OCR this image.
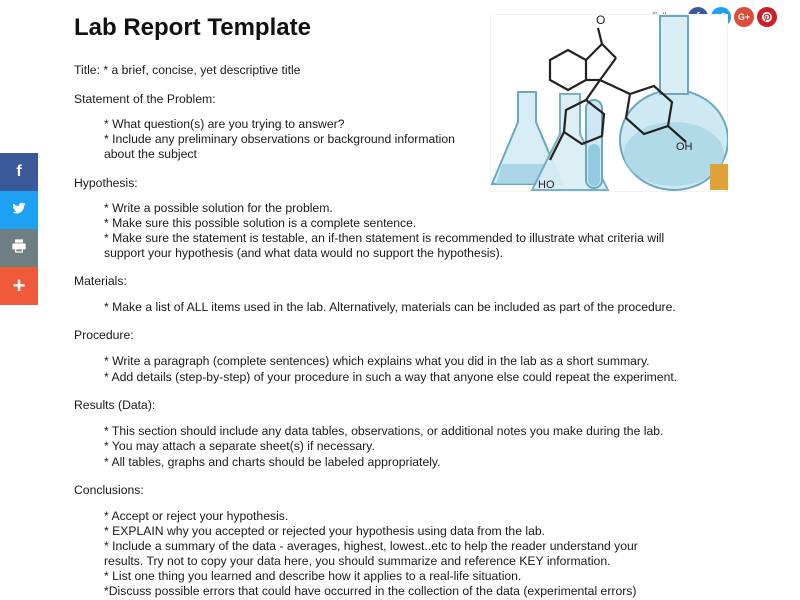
Lab Report Template	G+
f
+
O
OH
HO
Title: * a brief, concise, yet descriptive title
Statement of the Problem:
* What question(s) are you trying to answer?
* Include any preliminary observations or background information
about the subject
Hypothesis:
* Write a possible solution for the problem.
* Make sure this possible solution is a complete sentence.
* Make sure the statement is testable, an if-then statement is recommended to illustrate what criteria will
support your hypothesis (and what data would no support the hypothesis).
Materials:
* Make a list of ALL items used in the lab. Alternatively, materials can be included as part of the procedure.
Procedure:
* Write a paragraph (complete sentences) which explains what you did in the lab as a short summary.
* Add details (step-by-step) of your procedure in such a way that anyone else could repeat the experiment.
Results (Data):
* This section should include any data tables, observations, or additional notes you make during the lab.
* You may attach a separate sheet(s) if necessary.
* All tables, graphs and charts should be labeled appropriately.
Conclusions:
* Accept or reject your hypothesis.
* EXPLAIN why you accepted or rejected your hypothesis using data from the lab.
* Include a summary of the data - averages, highest, lowest..etc to help the reader understand your
results. Try not to copy your data here, you should summarize and reference KEY information.
* List one thing you learned and describe how it applies to a real-life situation.
*Discuss possible errors that could have occurred in the collection of the data (experimental errors)
